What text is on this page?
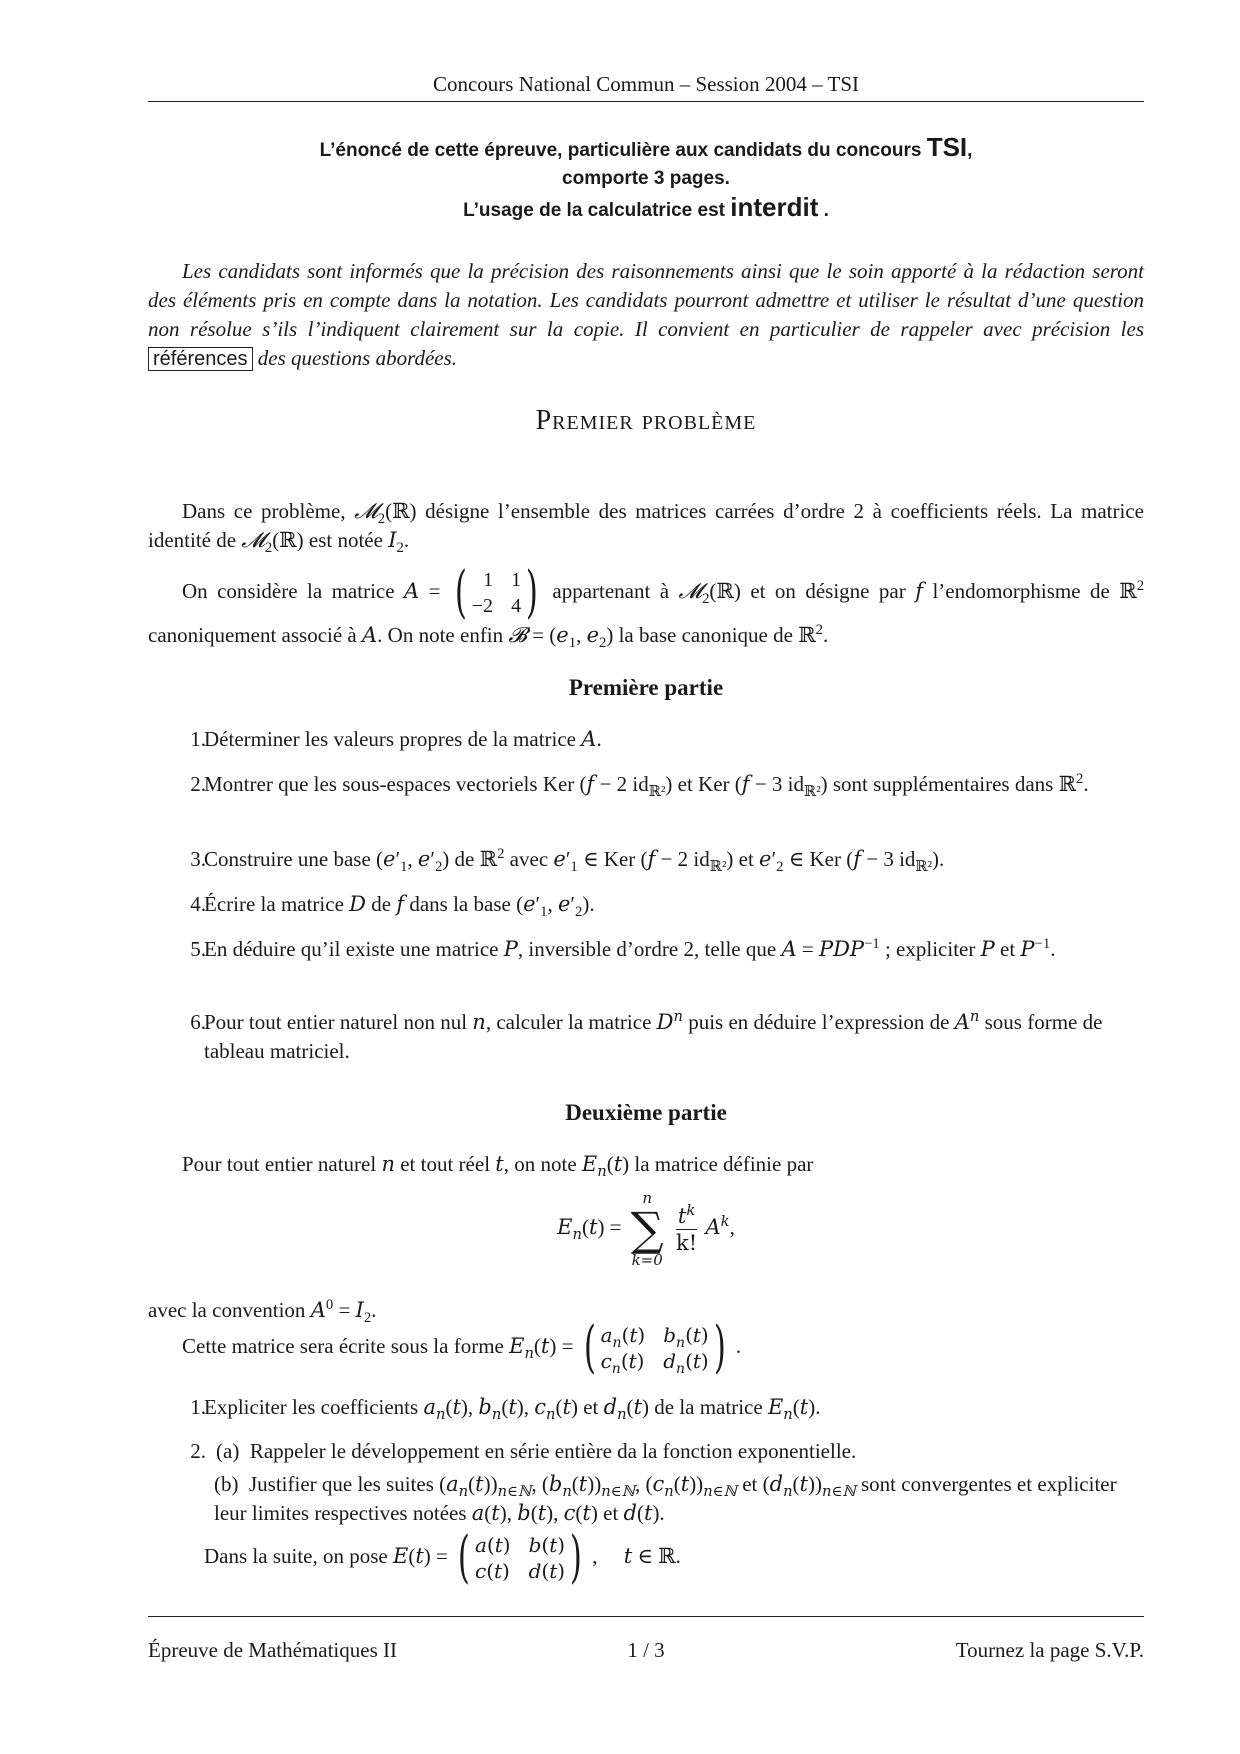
Concours National Commun – Session 2004 – TSI
L’énoncé de cette épreuve, particulière aux candidats du concours TSI,
comporte 3 pages.
L’usage de la calculatrice est interdit .
Les candidats sont informés que la précision des raisonnements ainsi que le soin apporté à la rédaction seront des éléments pris en compte dans la notation. Les candidats pourront admettre et utiliser le résultat d’une question non résolue s’ils l’indiquent clairement sur la copie. Il convient en particulier de rappeler avec précision les références des questions abordées.
Premier problème
Dans ce problème, 𝓜$_2$(ℝ) désigne l’ensemble des matrices carrées d’ordre 2 à coefficients réels. La matrice identité de 𝓜$_2$(ℝ) est notée $I_2$.
On considère la matrice A = ( 1 1
−2 4 ) appartenant à 𝓜$_2$(ℝ) et on désigne par f l’endomorphisme de ℝ$^2$ canoniquement associé à A. On note enfin 𝓑 = ($e_1$, $e_2$) la base canonique de ℝ$^2$.
Première partie
1.
Déterminer les valeurs propres de la matrice A.
2.
Montrer que les sous-espaces vectoriels Ker (f − 2 $id_{ℝ^2}$) et Ker (f − 3 $id_{ℝ^2}$) sont supplémentaires dans ℝ$^2$.
3.
Construire une base ($e'_1$, $e'_2$) de ℝ$^2$ avec $e'_1$ ∈ Ker (f − 2 $id_{ℝ^2}$) et $e'_2$ ∈ Ker (f − 3 $id_{ℝ^2}$).
4.
Écrire la matrice D de f dans la base ($e'_1$, $e'_2$).
5.
En déduire qu’il existe une matrice P, inversible d’ordre 2, telle que $A = PDP^{-1}$ ; expliciter P et $P^{-1}$.
6.
Pour tout entier naturel non nul n, calculer la matrice $D^n$ puis en déduire l’expression de $A^n$ sous forme de tableau matriciel.
Deuxième partie
Pour tout entier naturel n et tout réel t, on note $E_n(t)$ la matrice définie par
$E_n(t)$ =
n
∑
k=0

$\frac{t^k}{k!} A^k$,
avec la convention $A^0 = I_2$.
Cette matrice sera écrite sous la forme $E_n(t)$ = ( $a_n(t)$ $b_n(t)$
$c_n(t)$ $d_n(t)$ ) .
1.
Expliciter les coefficients $a_n(t)$, $b_n(t)$, $c_n(t)$ et $d_n(t)$ de la matrice $E_n(t)$.
2. (a) Rappeler le développement en série entière da la fonction exponentielle.
(b) Justifier que les suites $(a_n(t))_{n\in ℕ}$, $(b_n(t))_{n\in ℕ}$, $(c_n(t))_{n\in ℕ}$ et $(d_n(t))_{n\in ℕ}$ sont convergentes et expliciter leur limites respectives notées a(t), b(t), c(t) et d(t).
Dans la suite, on pose E(t) = ( a(t) b(t)
c(t) d(t) ) ,     t ∈ ℝ.
Épreuve de Mathématiques II	1 / 3	Tournez la page S.V.P.
